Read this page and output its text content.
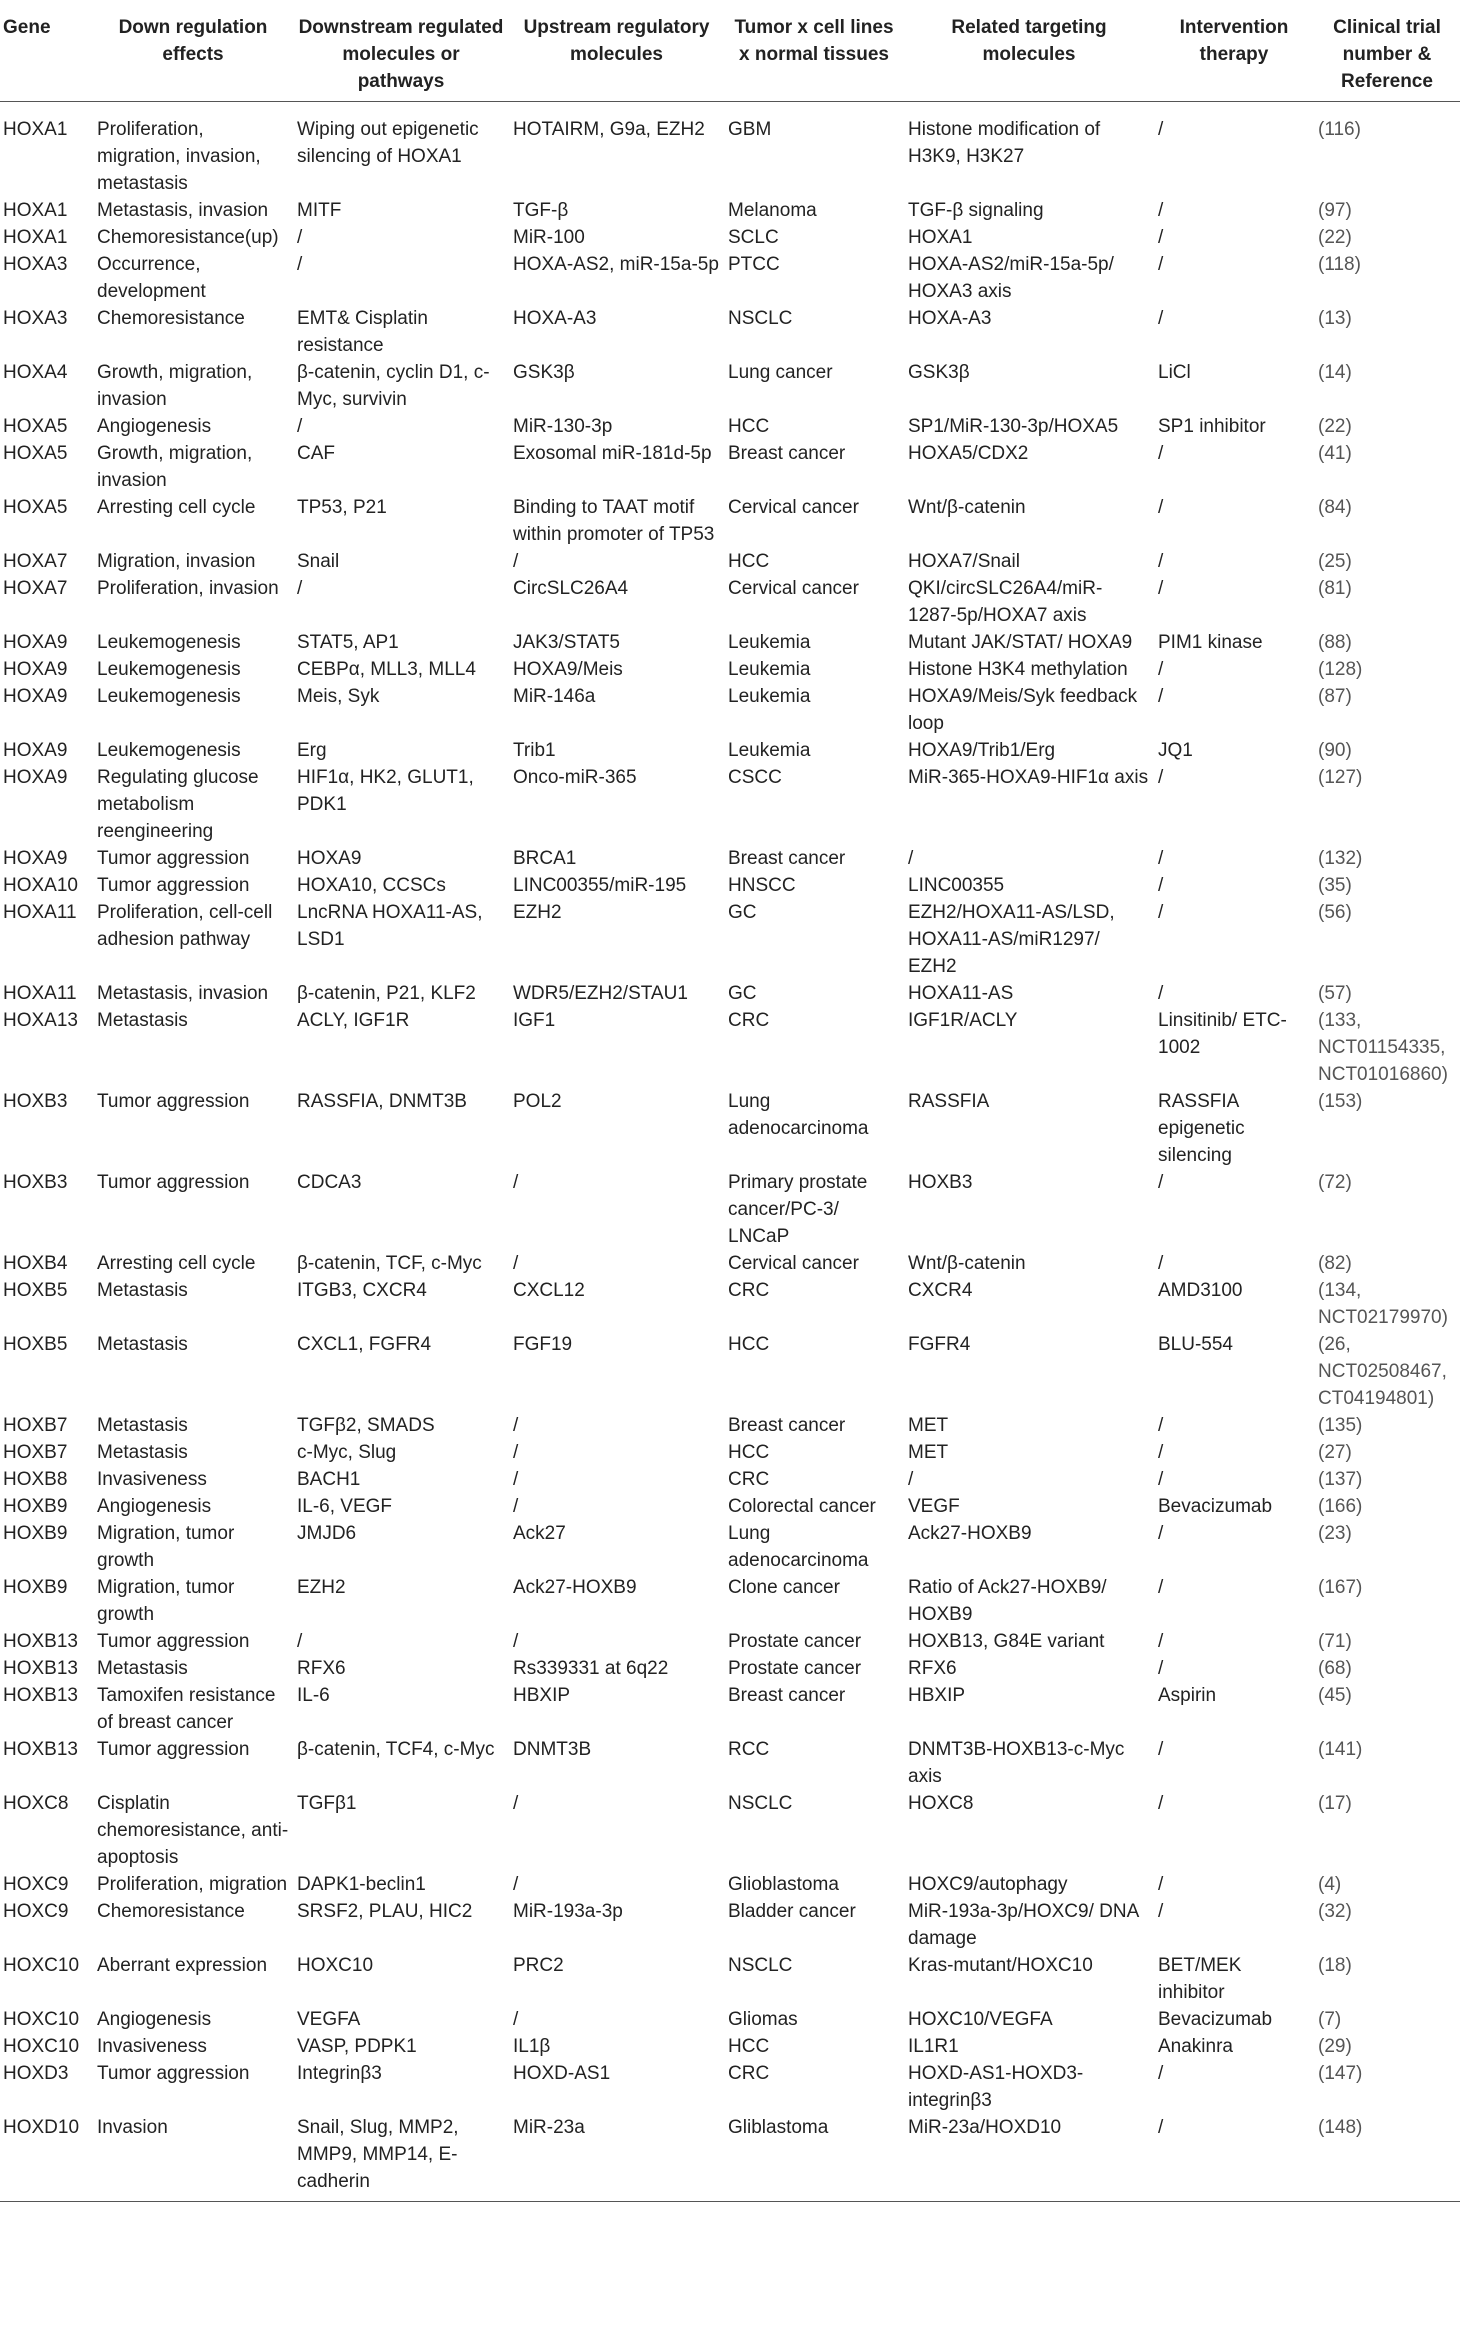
Gene	Down regulation effects	Downstream regulated molecules or pathways	Upstream regulatory molecules	Tumor x cell lines x normal tissues	Related targeting molecules	Intervention therapy	Clinical trial number & Reference
HOXA1	Proliferation, migration, invasion, metastasis	Wiping out epigenetic silencing of HOXA1	HOTAIRM, G9a, EZH2	GBM	Histone modification of H3K9, H3K27	/	(116)
HOXA1	Metastasis, invasion	MITF	TGF-β	Melanoma	TGF-β signaling	/	(97)
HOXA1	Chemoresistance(up)	/	MiR-100	SCLC	HOXA1	/	(22)
HOXA3	Occurrence, development	/	HOXA-AS2, miR-15a-5p	PTCC	HOXA-AS2/miR-15a-5p/ HOXA3 axis	/	(118)
HOXA3	Chemoresistance	EMT& Cisplatin resistance	HOXA-A3	NSCLC	HOXA-A3	/	(13)
HOXA4	Growth, migration, invasion	β-catenin, cyclin D1, c-Myc, survivin	GSK3β	Lung cancer	GSK3β	LiCl	(14)
HOXA5	Angiogenesis	/	MiR-130-3p	HCC	SP1/MiR-130-3p/HOXA5	SP1 inhibitor	(22)
HOXA5	Growth, migration, invasion	CAF	Exosomal miR-181d-5p	Breast cancer	HOXA5/CDX2	/	(41)
HOXA5	Arresting cell cycle	TP53, P21	Binding to TAAT motif within promoter of TP53	Cervical cancer	Wnt/β-catenin	/	(84)
HOXA7	Migration, invasion	Snail	/	HCC	HOXA7/Snail	/	(25)
HOXA7	Proliferation, invasion	/	CircSLC26A4	Cervical cancer	QKI/circSLC26A4/miR-1287-5p/HOXA7 axis	/	(81)
HOXA9	Leukemogenesis	STAT5, AP1	JAK3/STAT5	Leukemia	Mutant JAK/STAT/ HOXA9	PIM1 kinase	(88)
HOXA9	Leukemogenesis	CEBPα, MLL3, MLL4	HOXA9/Meis	Leukemia	Histone H3K4 methylation	/	(128)
HOXA9	Leukemogenesis	Meis, Syk	MiR-146a	Leukemia	HOXA9/Meis/Syk feedback loop	/	(87)
HOXA9	Leukemogenesis	Erg	Trib1	Leukemia	HOXA9/Trib1/Erg	JQ1	(90)
HOXA9	Regulating glucose metabolism reengineering	HIF1α, HK2, GLUT1, PDK1	Onco-miR-365	CSCC	MiR-365-HOXA9-HIF1α axis	/	(127)
HOXA9	Tumor aggression	HOXA9	BRCA1	Breast cancer	/	/	(132)
HOXA10	Tumor aggression	HOXA10, CCSCs	LINC00355/miR-195	HNSCC	LINC00355	/	(35)
HOXA11	Proliferation, cell-cell adhesion pathway	LncRNA HOXA11-AS, LSD1	EZH2	GC	EZH2/HOXA11-AS/LSD, HOXA11-AS/miR1297/ EZH2	/	(56)
HOXA11	Metastasis, invasion	β-catenin, P21, KLF2	WDR5/EZH2/STAU1	GC	HOXA11-AS	/	(57)
HOXA13	Metastasis	ACLY, IGF1R	IGF1	CRC	IGF1R/ACLY	Linsitinib/ ETC-1002	(133, NCT01154335, NCT01016860)
HOXB3	Tumor aggression	RASSFIA, DNMT3B	POL2	Lung adenocarcinoma	RASSFIA	RASSFIA epigenetic silencing	(153)
HOXB3	Tumor aggression	CDCA3	/	Primary prostate cancer/PC-3/ LNCaP	HOXB3	/	(72)
HOXB4	Arresting cell cycle	β-catenin, TCF, c-Myc	/	Cervical cancer	Wnt/β-catenin	/	(82)
HOXB5	Metastasis	ITGB3, CXCR4	CXCL12	CRC	CXCR4	AMD3100	(134, NCT02179970)
HOXB5	Metastasis	CXCL1, FGFR4	FGF19	HCC	FGFR4	BLU-554	(26, NCT02508467, CT04194801)
HOXB7	Metastasis	TGFβ2, SMADS	/	Breast cancer	MET	/	(135)
HOXB7	Metastasis	c-Myc, Slug	/	HCC	MET	/	(27)
HOXB8	Invasiveness	BACH1	/	CRC	/	/	(137)
HOXB9	Angiogenesis	IL-6, VEGF	/	Colorectal cancer	VEGF	Bevacizumab	(166)
HOXB9	Migration, tumor growth	JMJD6	Ack27	Lung adenocarcinoma	Ack27-HOXB9	/	(23)
HOXB9	Migration, tumor growth	EZH2	Ack27-HOXB9	Clone cancer	Ratio of Ack27-HOXB9/ HOXB9	/	(167)
HOXB13	Tumor aggression	/	/	Prostate cancer	HOXB13, G84E variant	/	(71)
HOXB13	Metastasis	RFX6	Rs339331 at 6q22	Prostate cancer	RFX6	/	(68)
HOXB13	Tamoxifen resistance of breast cancer	IL-6	HBXIP	Breast cancer	HBXIP	Aspirin	(45)
HOXB13	Tumor aggression	β-catenin, TCF4, c-Myc	DNMT3B	RCC	DNMT3B-HOXB13-c-Myc axis	/	(141)
HOXC8	Cisplatin chemoresistance, anti-apoptosis	TGFβ1	/	NSCLC	HOXC8	/	(17)
HOXC9	Proliferation, migration	DAPK1-beclin1	/	Glioblastoma	HOXC9/autophagy	/	(4)
HOXC9	Chemoresistance	SRSF2, PLAU, HIC2	MiR-193a-3p	Bladder cancer	MiR-193a-3p/HOXC9/ DNA damage	/	(32)
HOXC10	Aberrant expression	HOXC10	PRC2	NSCLC	Kras-mutant/HOXC10	BET/MEK inhibitor	(18)
HOXC10	Angiogenesis	VEGFA	/	Gliomas	HOXC10/VEGFA	Bevacizumab	(7)
HOXC10	Invasiveness	VASP, PDPK1	IL1β	HCC	IL1R1	Anakinra	(29)
HOXD3	Tumor aggression	Integrinβ3	HOXD-AS1	CRC	HOXD-AS1-HOXD3-integrinβ3	/	(147)
HOXD10	Invasion	Snail, Slug, MMP2, MMP9, MMP14, E-cadherin	MiR-23a	Gliblastoma	MiR-23a/HOXD10	/	(148)
